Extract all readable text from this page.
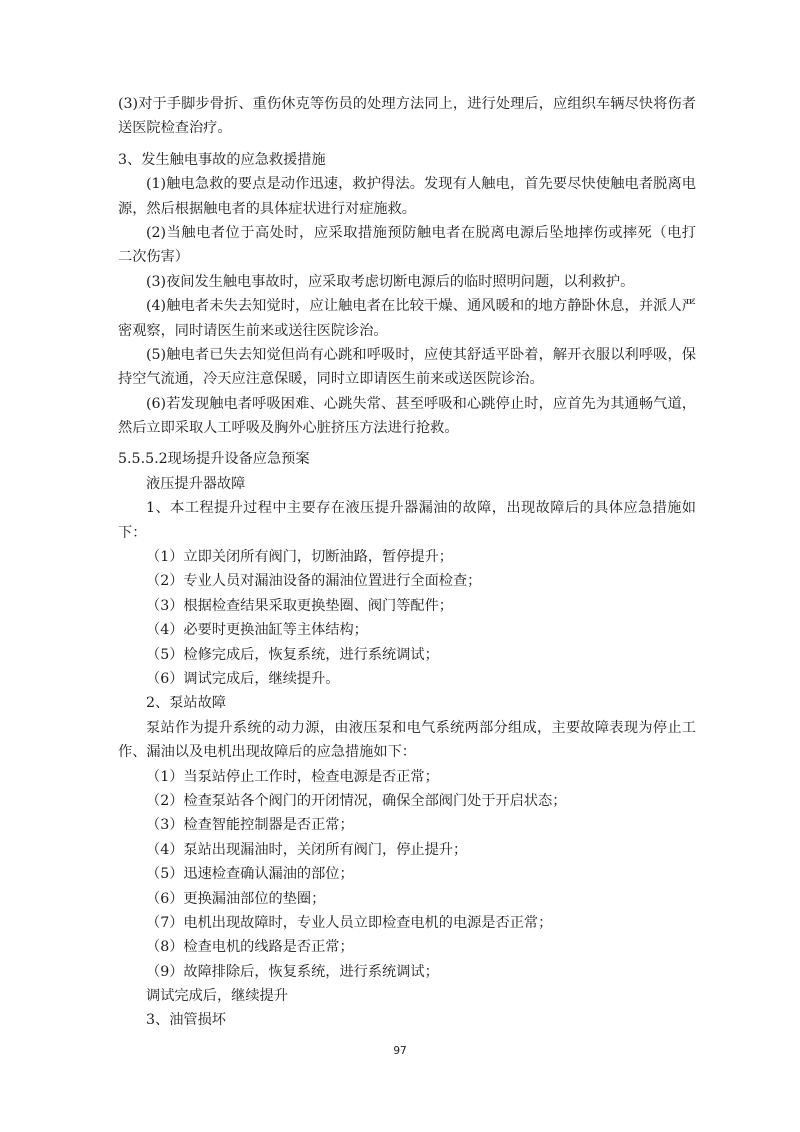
(3)对于手脚步骨折、重伤休克等伤员的处理方法同上，进行处理后，应组织车辆尽快将伤者
送医院检查治疗。
3、发生触电事故的应急救援措施
(1)触电急救的要点是动作迅速，救护得法。发现有人触电，首先要尽快使触电者脱离电
源，然后根据触电者的具体症状进行对症施救。
(2)当触电者位于高处时，应采取措施预防触电者在脱离电源后坠地摔伤或摔死（电打
二次伤害）
(3)夜间发生触电事故时，应采取考虑切断电源后的临时照明问题，以利救护。
(4)触电者未失去知觉时，应让触电者在比较干燥、通风暖和的地方静卧休息，并派人严
密观察，同时请医生前来或送往医院诊治。
(5)触电者已失去知觉但尚有心跳和呼吸时，应使其舒适平卧着，解开衣服以利呼吸，保
持空气流通，冷天应注意保暖，同时立即请医生前来或送医院诊治。
(6)若发现触电者呼吸困难、心跳失常、甚至呼吸和心跳停止时，应首先为其通畅气道，
然后立即采取人工呼吸及胸外心脏挤压方法进行抢救。
5.5.5.2现场提升设备应急预案
液压提升器故障
1、本工程提升过程中主要存在液压提升器漏油的故障，出现故障后的具体应急措施如
下：
（1）立即关闭所有阀门，切断油路，暂停提升；
（2）专业人员对漏油设备的漏油位置进行全面检查；
（3）根据检查结果采取更换垫圈、阀门等配件；
（4）必要时更换油缸等主体结构；
（5）检修完成后，恢复系统，进行系统调试；
（6）调试完成后，继续提升。
2、泵站故障
泵站作为提升系统的动力源，由液压泵和电气系统两部分组成，主要故障表现为停止工
作、漏油以及电机出现故障后的应急措施如下：
（1）当泵站停止工作时，检查电源是否正常；
（2）检查泵站各个阀门的开闭情况，确保全部阀门处于开启状态；
（3）检查智能控制器是否正常；
（4）泵站出现漏油时，关闭所有阀门，停止提升；
（5）迅速检查确认漏油的部位；
（6）更换漏油部位的垫圈；
（7）电机出现故障时，专业人员立即检查电机的电源是否正常；
（8）检查电机的线路是否正常；
（9）故障排除后，恢复系统，进行系统调试；
调试完成后，继续提升
3、油管损坏
97
